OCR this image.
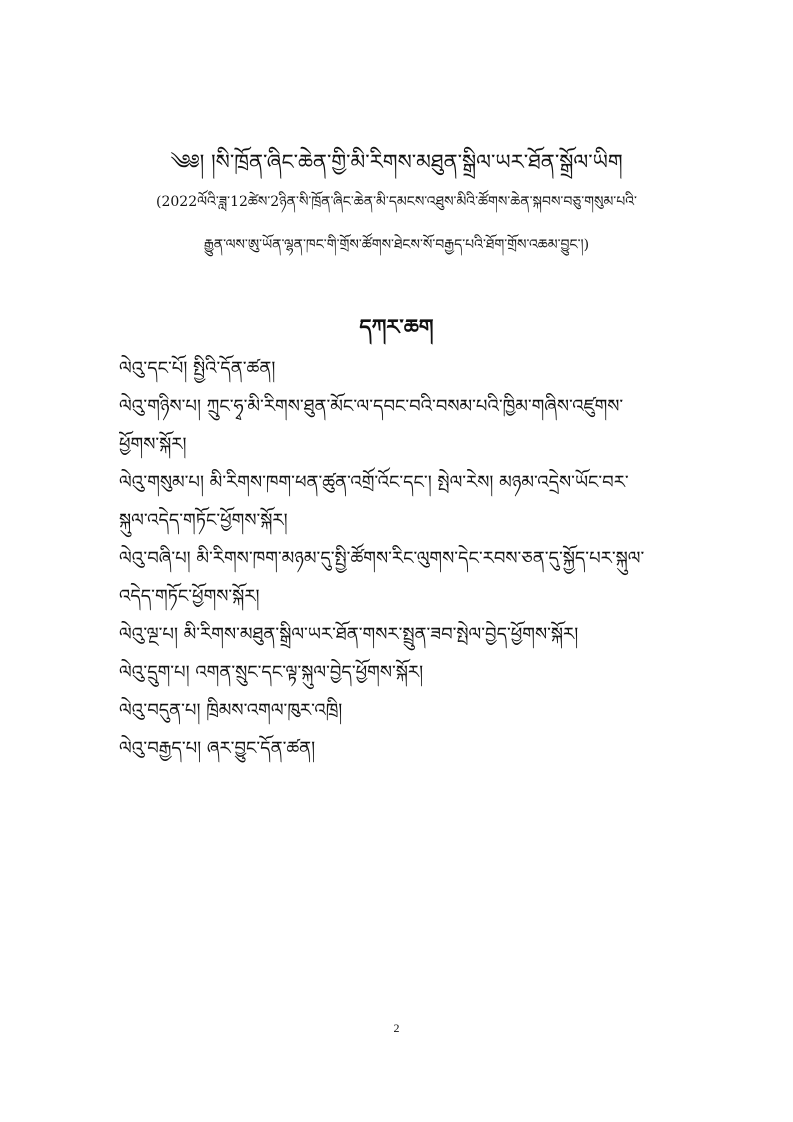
༄༅། །སི་ཁྲོན་ཞིང་ཆེན་གྱི་མི་རིགས་མཐུན་སྒྲིལ་ཡར་ཐོན་སྒྲོལ་ཡིག
(2022ལོའི་ཟླ་12ཚེས་2ཉིན་སི་ཁྲོན་ཞིང་ཆེན་མི་དམངས་འཐུས་མིའི་ཚོགས་ཆེན་སྐབས་བཅུ་གསུམ་པའི་
རྒྱུན་ལས་ཨུ་ཡོན་ལྷན་ཁང་གི་གྲོས་ཚོགས་ཐེངས་སོ་བརྒྱད་པའི་ཐོག་གྲོས་འཆམ་བྱུང་།)
དཀར་ཆག
ལེའུ་དང་པོ། སྤྱིའི་དོན་ཚན།
ལེའུ་གཉིས་པ། ཀྲུང་ཧྭ་མི་རིགས་ཐུན་མོང་ལ་དབང་བའི་བསམ་པའི་ཁྱིམ་གཞིས་འཛུགས་
ཕྱོགས་སྐོར།
ལེའུ་གསུམ་པ། མི་རིགས་ཁག་ཕན་ཚུན་འགྲོ་འོང་དང་། སྤེལ་རེས། མཉམ་འདྲེས་ཡོང་བར་
སྐུལ་འདེད་གཏོང་ཕྱོགས་སྐོར།
ལེའུ་བཞི་པ། མི་རིགས་ཁག་མཉམ་དུ་སྤྱི་ཚོགས་རིང་ལུགས་དེང་རབས་ཅན་དུ་སྐྱོད་པར་སྐུལ་
འདེད་གཏོང་ཕྱོགས་སྐོར།
ལེའུ་ལྔ་པ། མི་རིགས་མཐུན་སྒྲིལ་ཡར་ཐོན་གསར་སྤྲུན་ཟབ་སྤེལ་བྱེད་ཕྱོགས་སྐོར།
ལེའུ་དྲུག་པ། འགན་སྲུང་དང་ལྟ་སྐུལ་བྱེད་ཕྱོགས་སྐོར།
ལེའུ་བདུན་པ། ཁྲིམས་འགལ་ཁུར་འཁྲི།
ལེའུ་བརྒྱད་པ། ཞར་བྱུང་དོན་ཚན།
2
